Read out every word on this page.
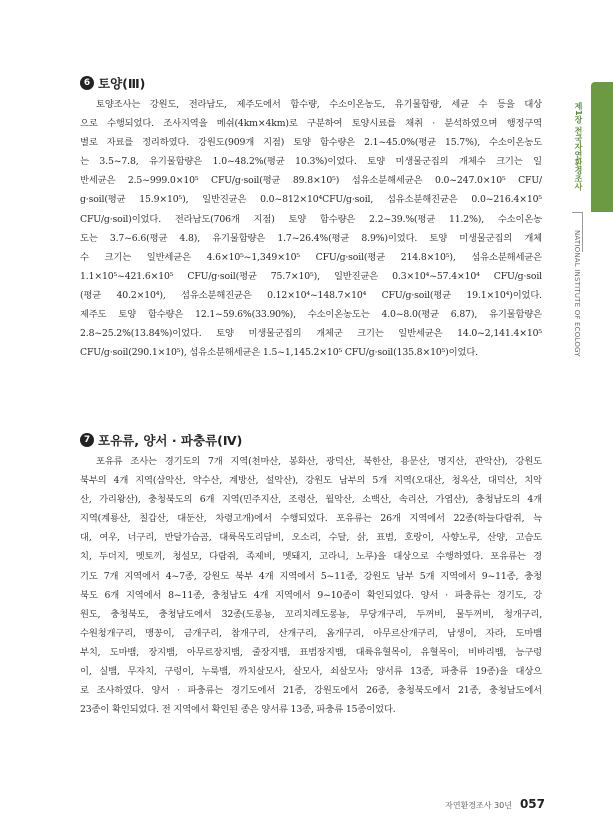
제1장 전국자연환경조사
NATIONAL INSTITUTE OF ECOLOGY
6 토양(Ⅲ)
토양조사는 강원도, 전라남도, 제주도에서 함수량, 수소이온농도, 유기물함량, 세균 수 등을 대상
으로 수행되었다. 조사지역을 메쉬(4km×4km)로 구분하여 토양시료를 채취 · 분석하였으며 행정구역
별로 자료를 정리하였다. 강원도(909개 지점) 토양 함수량은 2.1~45.0%(평균 15.7%), 수소이온농도
는 3.5~7.8, 유기물함량은 1.0~48.2%(평균 10.3%)이었다. 토양 미생물군집의 개체수 크기는 일
반세균은 2.5~999.0×10⁵ CFU/g·soil(평균 89.8×10⁵) 섬유소분해세균은 0.0~247.0×10⁵ CFU/
g·soil(평균 15.9×10⁵), 일반진균은 0.0~812×10⁴CFU/g·soil, 섬유소분해진균은 0.0~216.4×10⁵
CFU/g·soil)이었다. 전라남도(706개 지점) 토양 함수량은 2.2~39.%(평균 11.2%), 수소이온농
도는 3.7~6.6(평균 4.8), 유기물함량은 1.7~26.4%(평균 8.9%)이었다. 토양 미생물군집의 개체
수 크기는 일반세균은 4.6×10⁵~1,349×10⁵ CFU/g·soil(평균 214.8×10⁵), 섬유소분해세균은
1.1×10⁵~421.6×10⁵ CFU/g·soil(평균 75.7×10⁵), 일반진균은 0.3×10⁴~57.4×10⁴ CFU/g·soil
(평균 40.2×10⁴), 섬유소분해진균은 0.12×10⁴~148.7×10⁴ CFU/g·soil(평균 19.1×10⁴)이었다.
제주도 토양 함수량은 12.1~59.6%(33.90%), 수소이온농도는 4.0~8.0(평균 6.87), 유기물함량은
2.8~25.2%(13.84%)이었다. 토양 미생물군집의 개체군 크기는 일반세균은 14.0~2,141.4×10⁵
CFU/g·soil(290.1×10⁵), 섬유소분해세균은 1.5~1,145.2×10⁵ CFU/g·soil(135.8×10⁵)이었다.
7 포유류, 양서 · 파충류(Ⅳ)
포유류 조사는 경기도의 7개 지역(천마산, 봉화산, 광덕산, 북한산, 용문산, 명지산, 관악산), 강원도
북부의 4개 지역(삼악산, 약수산, 계방산, 설악산), 강원도 남부의 5개 지역(오대산, 청옥산, 대덕산, 치악
산, 가리왕산), 충청북도의 6개 지역(민주지산, 조령산, 월악산, 소백산, 속리산, 가엽산), 충청남도의 4개
지역(계룡산, 칠갑산, 대둔산, 차령고개)에서 수행되었다. 포유류는 26개 지역에서 22종(하늘다람쥐, 늑
대, 여우, 너구리, 반달가슴곰, 대륙목도리담비, 오소리, 수달, 삵, 표범, 호랑이, 사향노루, 산양, 고슴도
치, 두더지, 멧토끼, 청설모, 다람쥐, 족제비, 멧돼지, 고라니, 노루)을 대상으로 수행하였다. 포유류는 경
기도 7개 지역에서 4~7종, 강원도 북부 4개 지역에서 5~11종, 강원도 남부 5개 지역에서 9~11종, 충청
북도 6개 지역에서 8~11종, 충청남도 4개 지역에서 9~10종이 확인되었다. 양서 · 파충류는 경기도, 강
원도, 충청북도, 충청남도에서 32종(도롱뇽, 꼬리치레도롱뇽, 무당개구리, 두꺼비, 물두꺼비, 청개구리,
수원청개구리, 맹꽁이, 금개구리, 참개구리, 산개구리, 옴개구리, 아무르산개구리, 남생이, 자라, 도마뱀
부치, 도마뱀, 장지뱀, 아무르장지뱀, 줄장지뱀, 표범장지뱀, 대륙유혈목이, 유혈목이, 비바리뱀, 능구렁
이, 실뱀, 무자치, 구렁이, 누룩뱀, 까치살모사, 살모사, 쇠살모사; 양서류 13종, 파충류 19종)을 대상으
로 조사하였다. 양서 · 파충류는 경기도에서 21종, 강원도에서 26종, 충청북도에서 21종, 충청남도에서
23종이 확인되었다. 전 지역에서 확인된 종은 양서류 13종, 파충류 15종이었다.
자연환경조사 30년 057
